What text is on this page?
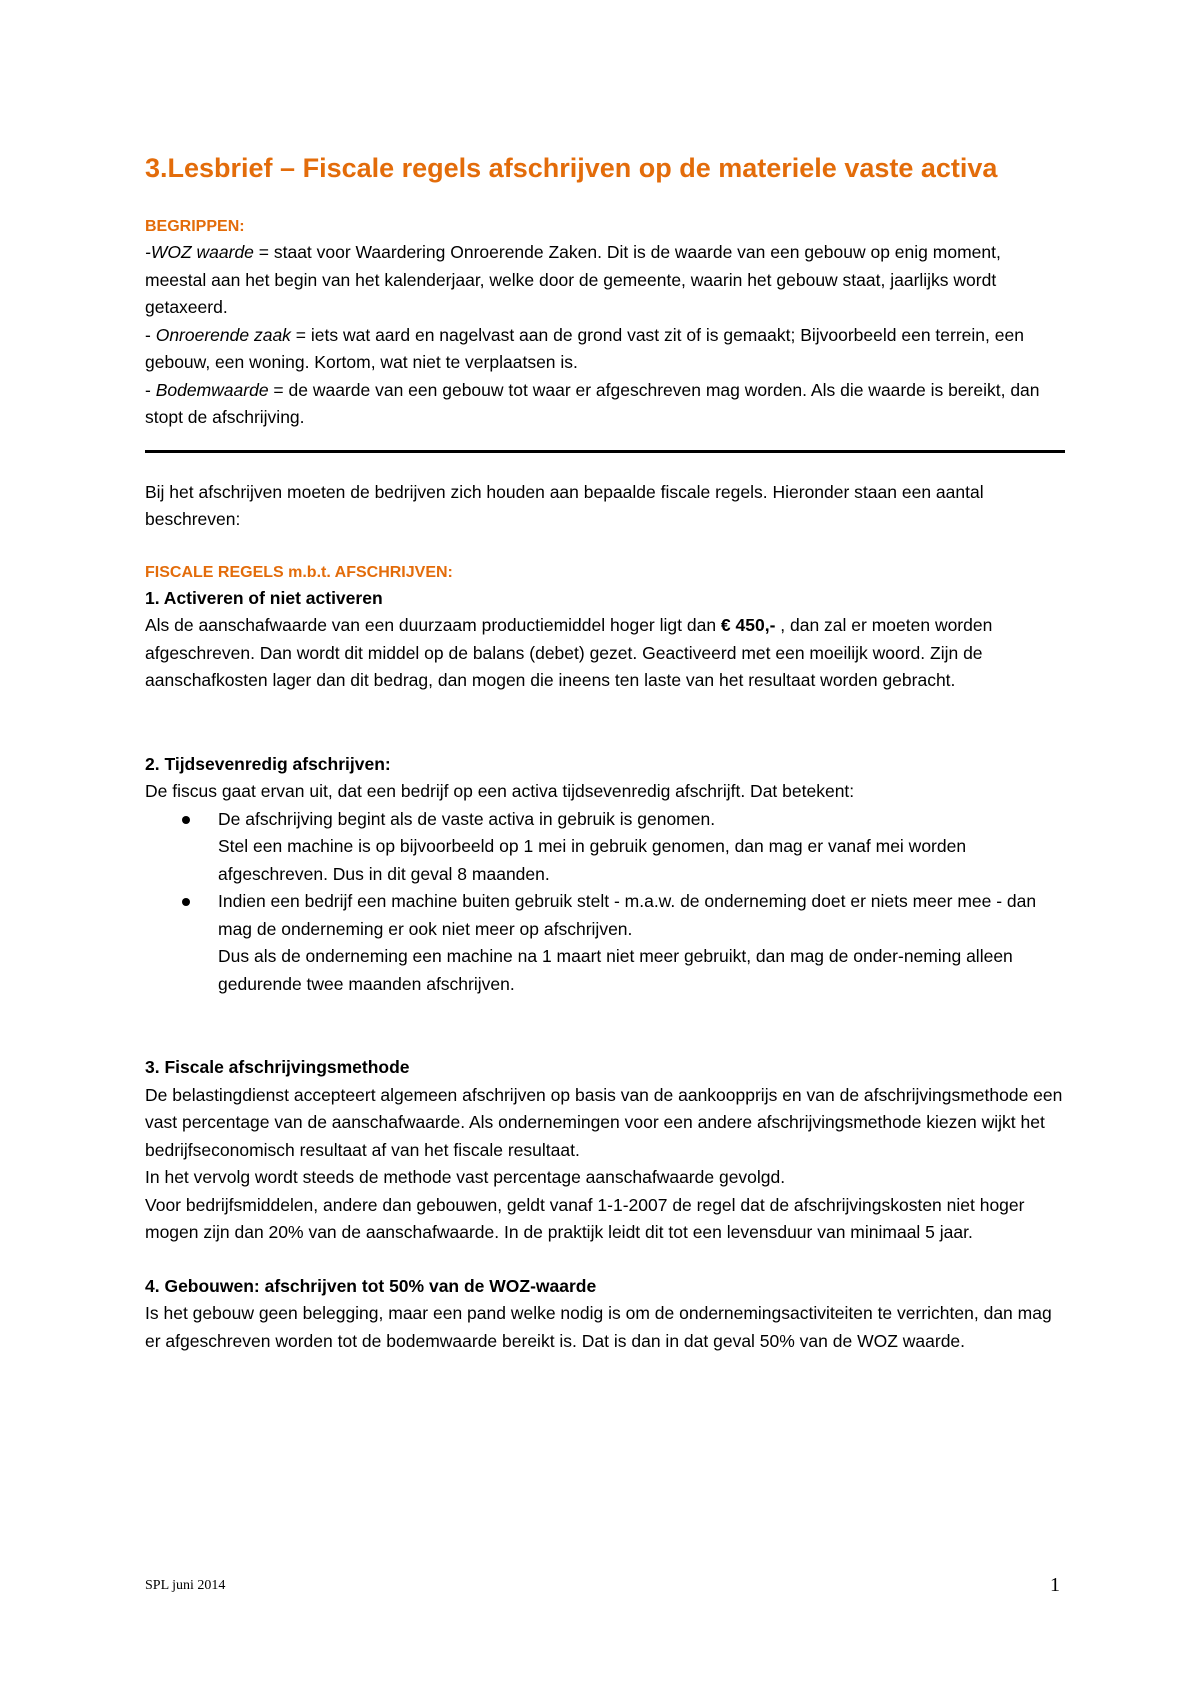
3.Lesbrief – Fiscale regels afschrijven op de materiele vaste activa
BEGRIPPEN:

-WOZ waarde = staat voor Waardering Onroerende Zaken. Dit is de waarde van een gebouw op enig moment, meestal aan het begin van het kalenderjaar, welke door de gemeente, waarin het gebouw staat, jaarlijks wordt getaxeerd.

- Onroerende zaak = iets wat aard en nagelvast aan de grond vast zit of is gemaakt; Bijvoorbeeld een terrein, een gebouw, een woning. Kortom, wat niet te verplaatsen is.

- Bodemwaarde = de waarde van een gebouw tot waar er afgeschreven mag worden. Als die waarde is bereikt, dan stopt de afschrijving.

Bij het afschrijven moeten de bedrijven zich houden aan bepaalde fiscale regels. Hieronder staan een aantal beschreven:

FISCALE REGELS m.b.t. AFSCHRIJVEN:
1. Activeren of niet activeren

Als de aanschafwaarde van een duurzaam productiemiddel hoger ligt dan € 450,- , dan zal er moeten worden afgeschreven. Dan wordt dit middel op de balans (debet) gezet. Geactiveerd met een moeilijk woord. Zijn de aanschafkosten lager dan dit bedrag, dan mogen die ineens ten laste van het resultaat worden gebracht.

2. Tijdsevenredig afschrijven:

De fiscus gaat ervan uit, dat een bedrijf op een activa tijdsevenredig afschrijft. Dat betekent:

De afschrijving begint als de vaste activa in gebruik is genomen.
Stel een machine is op bijvoorbeeld op 1 mei in gebruik genomen, dan mag er vanaf mei worden afgeschreven. Dus in dit geval 8 maanden.
Indien een bedrijf een machine buiten gebruik stelt - m.a.w. de onderneming doet er niets meer mee - dan mag de onderneming er ook niet meer op afschrijven.
Dus als de onderneming een machine na 1 maart niet meer gebruikt, dan mag de onder-neming alleen gedurende twee maanden afschrijven.
3. Fiscale afschrijvingsmethode

De belastingdienst accepteert algemeen afschrijven op basis van de aankoopprijs en van de afschrijvingsmethode een vast percentage van de aanschafwaarde. Als ondernemingen voor een andere afschrijvingsmethode kiezen wijkt het bedrijfseconomisch resultaat af van het fiscale resultaat.

In het vervolg wordt steeds de methode vast percentage aanschafwaarde gevolgd.

Voor bedrijfsmiddelen, andere dan gebouwen, geldt vanaf 1-1-2007 de regel dat de afschrijvingskosten niet hoger mogen zijn dan 20% van de aanschafwaarde. In de praktijk leidt dit tot een levensduur van minimaal 5 jaar.

4. Gebouwen: afschrijven tot 50% van de WOZ-waarde

Is het gebouw geen belegging, maar een pand welke nodig is om de ondernemingsactiviteiten te verrichten, dan mag er afgeschreven worden tot de bodemwaarde bereikt is. Dat is dan in dat geval 50% van de WOZ waarde.

SPL juni 2014	1
